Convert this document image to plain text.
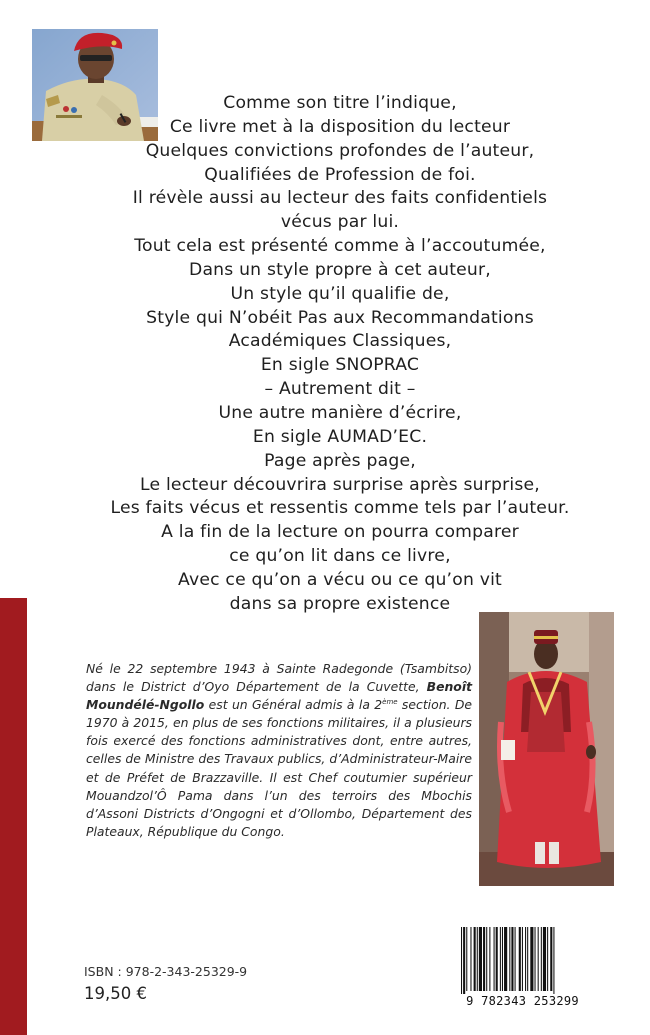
Comme son titre l’indique,
Ce livre met à la disposition du lecteur
Quelques convictions profondes de l’auteur,
Qualifiées de Profession de foi.
Il révèle aussi au lecteur des faits confidentiels
vécus par lui.
Tout cela est présenté comme à l’accoutumée,
Dans un style propre à cet auteur,
Un style qu’il qualifie de,
Style qui N’obéit Pas aux Recommandations
Académiques Classiques,
En sigle SNOPRAC
– Autrement dit –
Une autre manière d’écrire,
En sigle AUMAD’EC.
Page après page,
Le lecteur découvrira surprise après surprise,
Les faits vécus et ressentis comme tels par l’auteur.
A la fin de la lecture on pourra comparer
ce qu’on lit dans ce livre,
Avec ce qu’on a vécu ou ce qu’on vit
dans sa propre existence
Né le 22 septembre 1943 à Sainte Radegonde (Tsambitso) dans le District d’Oyo Département de la Cuvette, Benoît Moundélé-Ngollo est un Général admis à la 2ème section. De 1970 à 2015, en plus de ses fonctions militaires, il a plusieurs fois exercé des fonctions administratives dont, entre autres, celles de Ministre des Travaux publics, d’Administrateur-Maire et de Préfet de Brazzaville. Il est Chef coutumier supérieur Mouandzol’Ô Pama dans l’un des terroirs des Mbochis d’Assoni Districts d’Ongogni et d’Ollombo, Département des Plateaux, République du Congo.
ISBN : 978-2-343-25329-9
19,50 €	9 782343 253299
